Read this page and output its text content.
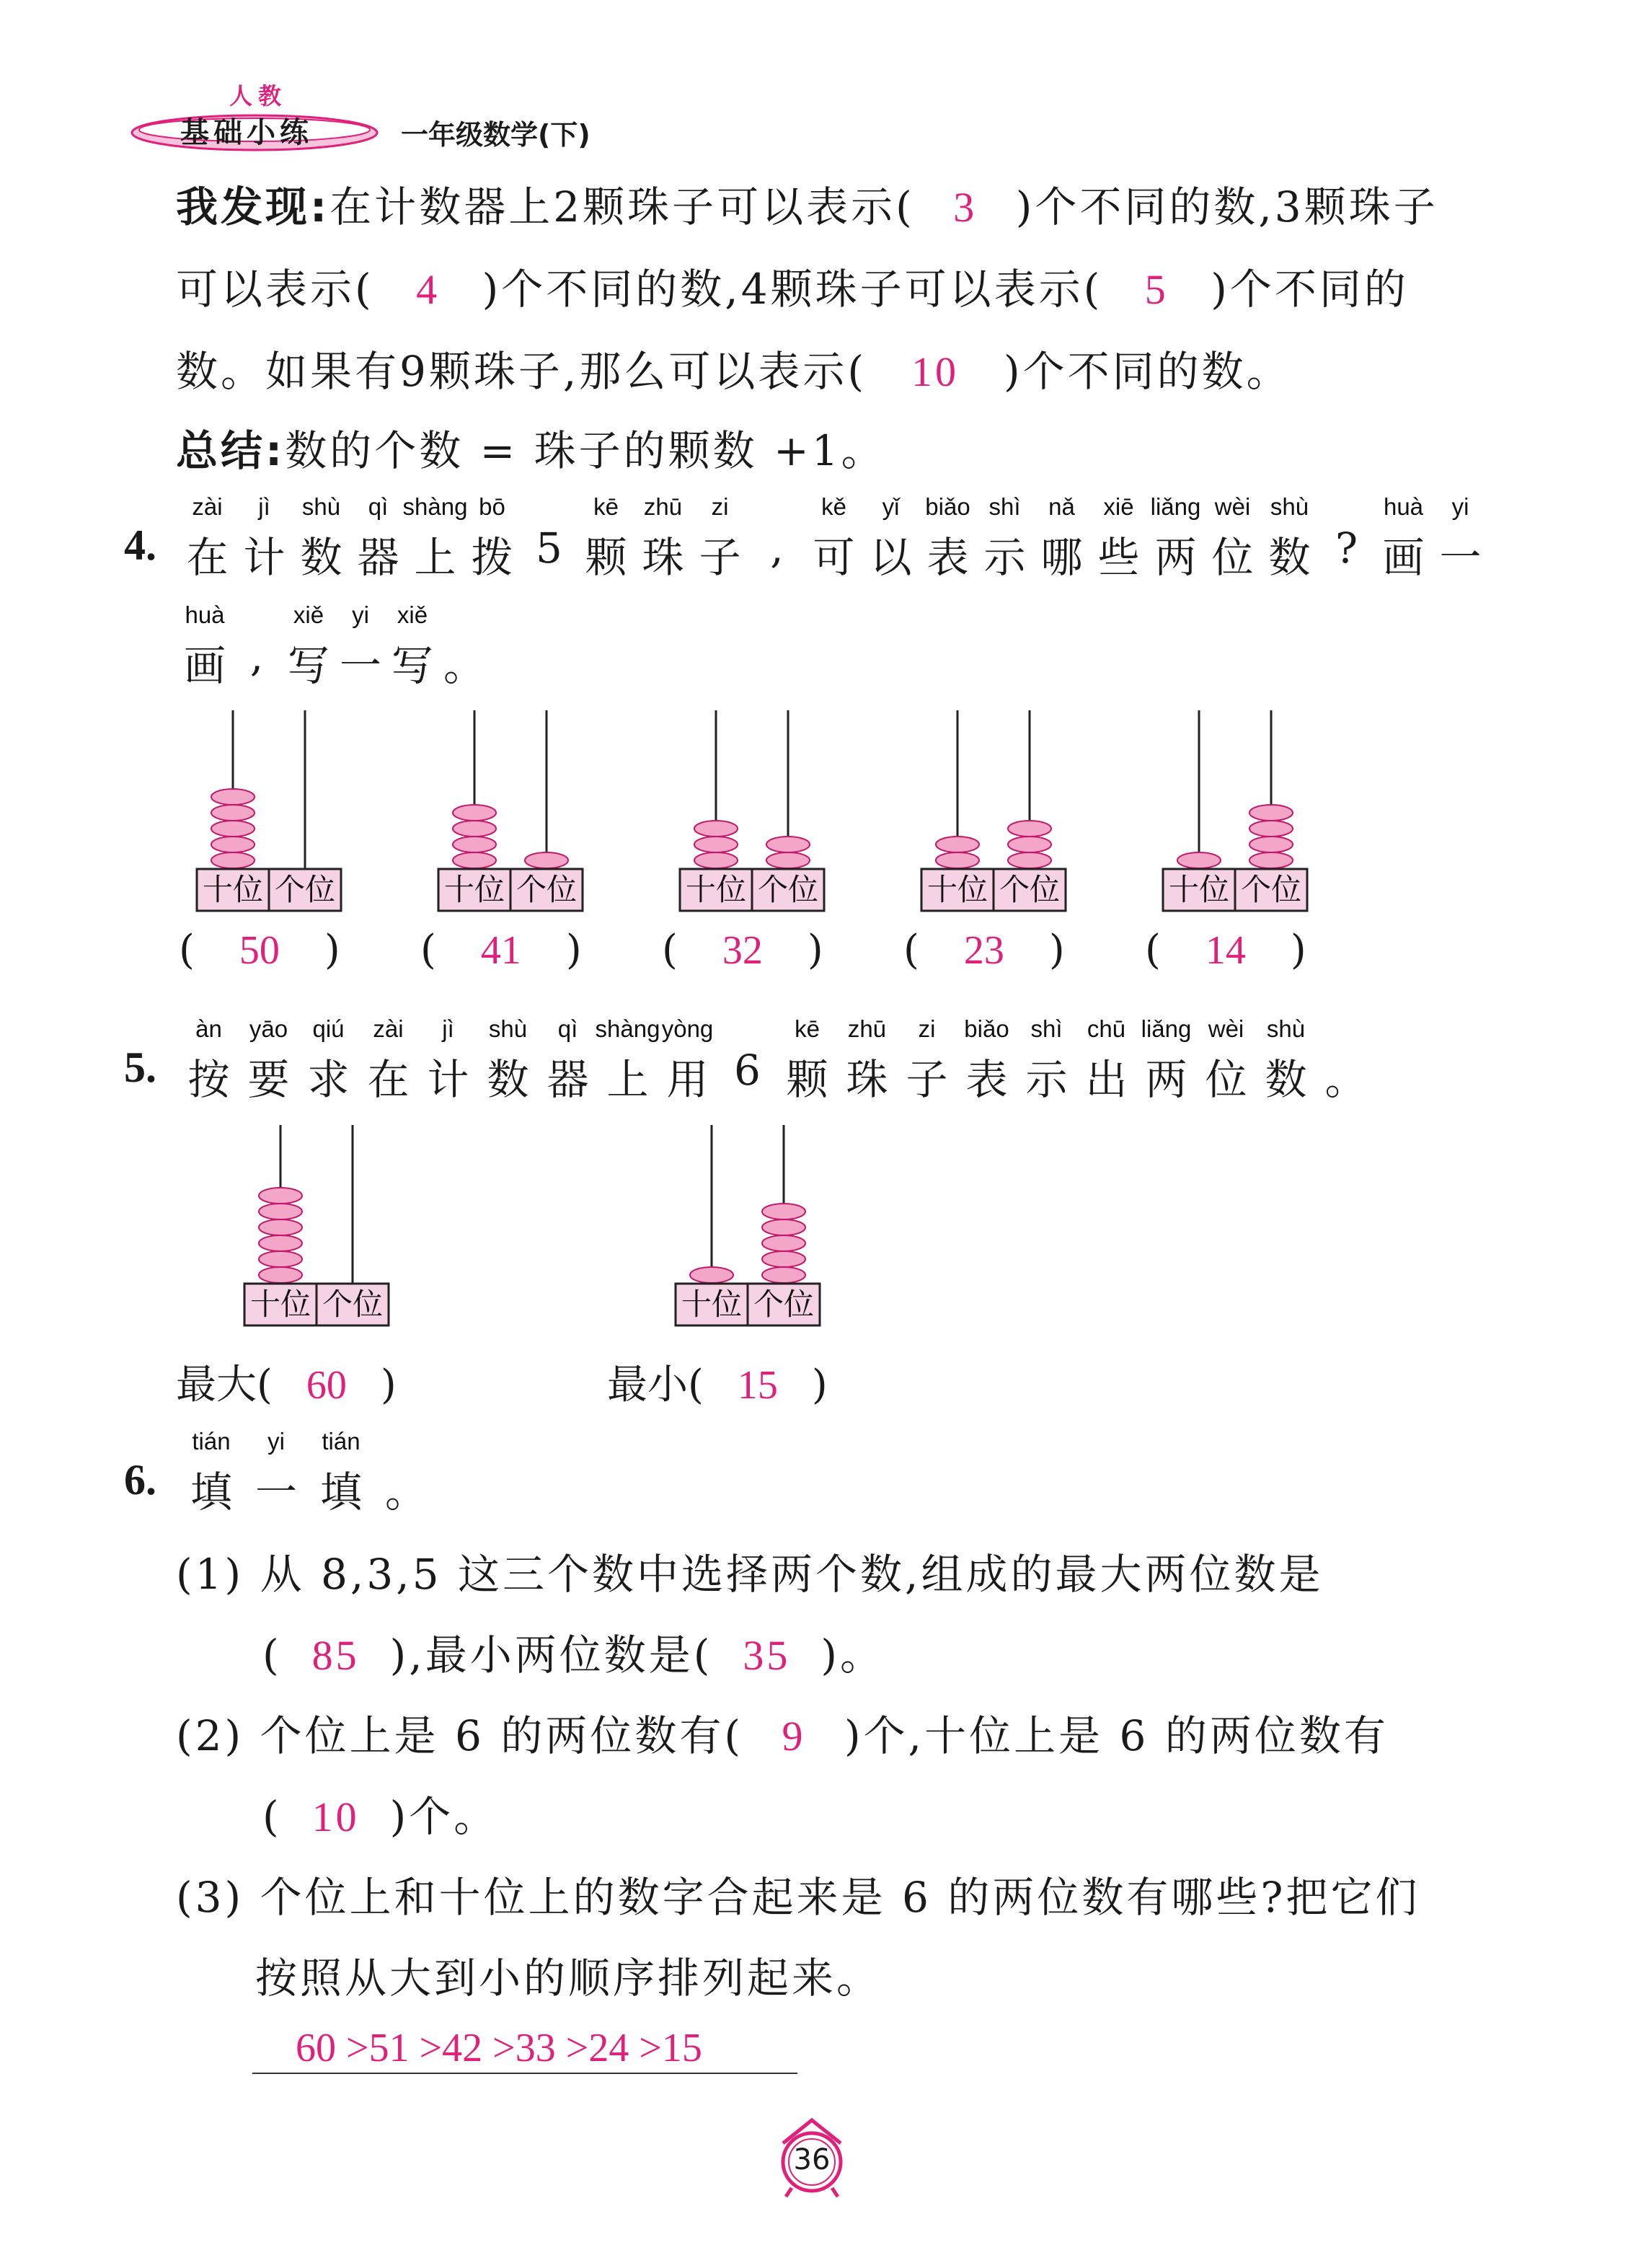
人教
基础小练	一年级数学(下)
我发现:在计数器上2颗珠子可以表示( 3 )个不同的数,3颗珠子
可以表示( 4 )个不同的数,4颗珠子可以表示( 5 )个不同的
数。如果有9颗珠子,那么可以表示( 10 )个不同的数。
总结:数的个数 = 珠子的颗数 +1。
4. 在 计 数 器 上 拨 5 颗 珠 子 , 可 以 表 示 哪 些 两 位 数 ? 画 一
zài	jì	shù	qì shàng bō	kē	zhū	zi	kě	yǐ	biǎo shì	nǎ	xiē liǎng wèi shù	huà	yi
画 , 写 一 写 。
huà	xiě	yi	xiě
十位 个位
( 50 )
十位 个位
( 41 )
十位 个位
( 32 )
十位 个位
( 23 )
十位 个位
( 14 )
5. 按 要 求 在 计 数 器 上 用 6 颗 珠 子 表 示 出 两 位 数 。
àn	yāo	qiú	zài	jì	shù	qì shàng yòng	kē	zhū	zi	biǎo shì	chū liǎng wèi shù
十位 个位	十位 个位
最大( 60 )	最小( 15 )
6. 填 一 填 。
tián	yi	tián
(1) 从 8,3,5 这三个数中选择两个数,组成的最大两位数是
( 85 ),最小两位数是( 35 )。
(2) 个位上是 6 的两位数有( 9 )个,十位上是 6 的两位数有
( 10 )个。
(3) 个位上和十位上的数字合起来是 6 的两位数有哪些?把它们
按照从大到小的顺序排列起来。
60 >51 >42 >33 >24 >15
36
